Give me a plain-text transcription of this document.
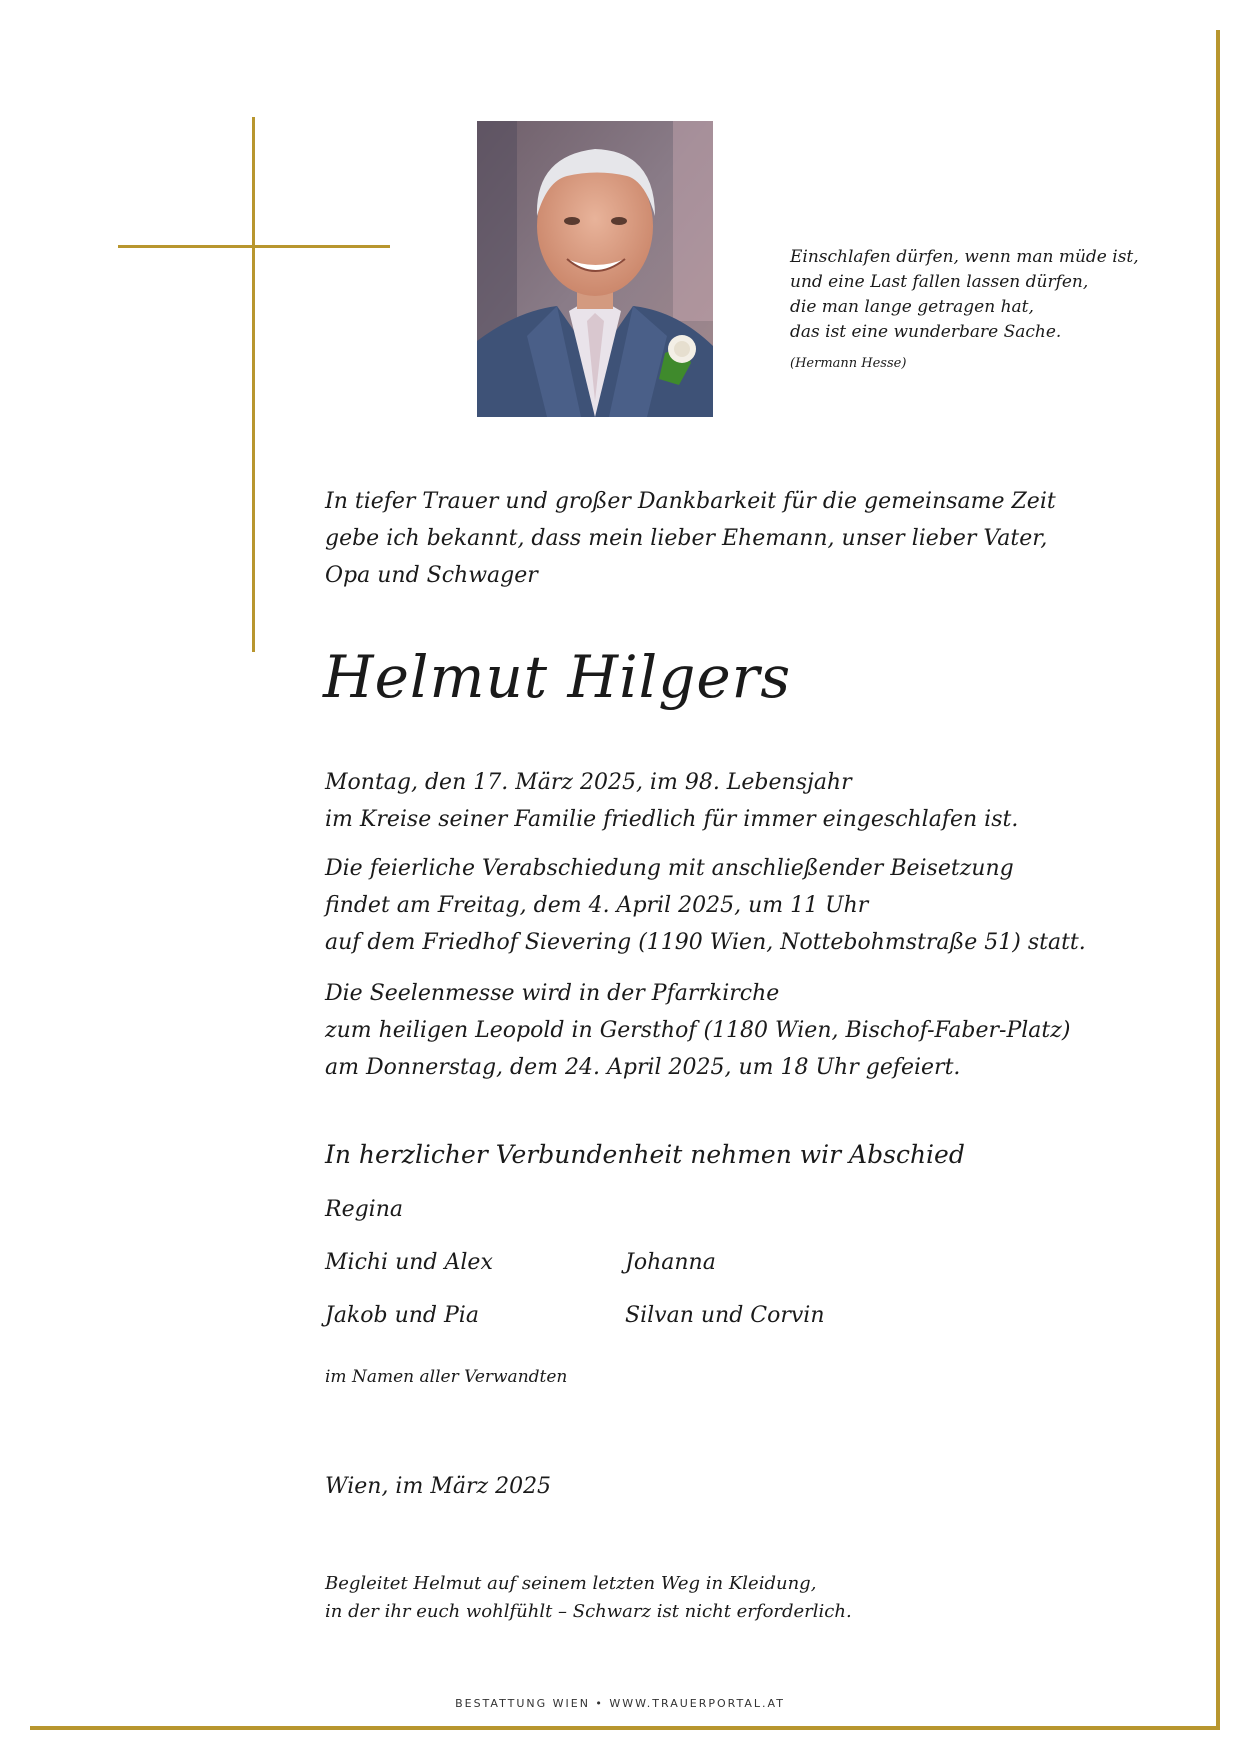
Einschlafen dürfen, wenn man müde ist,
und eine Last fallen lassen dürfen,
die man lange getragen hat,
das ist eine wunderbare Sache.
(Hermann Hesse)
In tiefer Trauer und großer Dankbarkeit für die gemeinsame Zeit
gebe ich bekannt, dass mein lieber Ehemann, unser lieber Vater,
Opa und Schwager
Helmut Hilgers
Montag, den 17. März 2025, im 98. Lebensjahr
im Kreise seiner Familie friedlich für immer eingeschlafen ist.
Die feierliche Verabschiedung mit anschließender Beisetzung
findet am Freitag, dem 4. April 2025, um 11 Uhr
auf dem Friedhof Sievering (1190 Wien, Nottebohmstraße 51) statt.
Die Seelenmesse wird in der Pfarrkirche
zum heiligen Leopold in Gersthof (1180 Wien, Bischof-Faber-Platz)
am Donnerstag, dem 24. April 2025, um 18 Uhr gefeiert.
In herzlicher Verbundenheit nehmen wir Abschied
Regina
Michi und Alex	Johanna
Jakob und Pia	Silvan und Corvin
im Namen aller Verwandten
Wien, im März 2025
Begleitet Helmut auf seinem letzten Weg in Kleidung,
in der ihr euch wohlfühlt – Schwarz ist nicht erforderlich.
BESTATTUNG WIEN • WWW.TRAUERPORTAL.AT
